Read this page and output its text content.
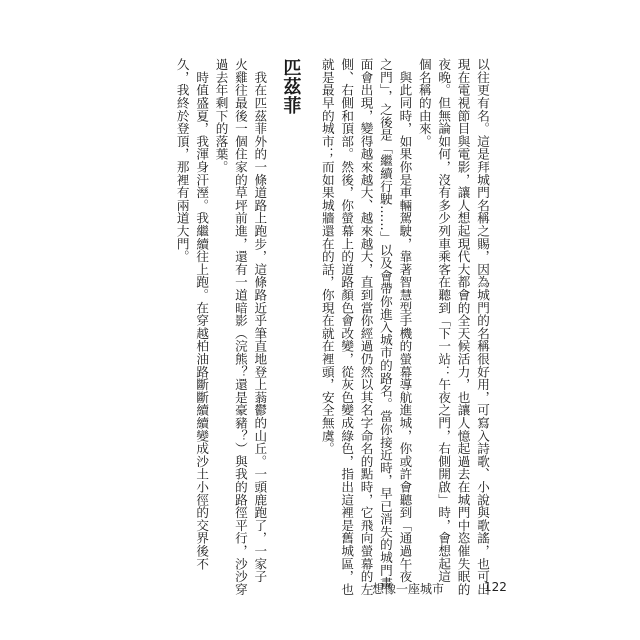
以往更有名。這是拜城門名稱之賜，因為城門的名稱很好用，可寫入詩歌、小說與歌謠，也可出
現在電視節目與電影，讓人想起現代大都會的全天候活力，也讓人憶起過去在城門中恣催失眠的
夜晚。但無論如何，沒有多少列車乘客在聽到「下一站：午夜之門，右側開啟」時，會想起這
個名稱的由來。
　與此同時，如果你是車輛駕駛，靠著智慧型手機的螢幕導航進城，你或許會聽到「通過午夜
之門」，之後是「繼續行駛……」以及會帶你進入城市的路名。當你接近時，早已消失的城門畫
面會出現，變得越來越大、越來越大，直到當你經過仍然以其名字命名的點時，它飛向螢幕的左
側、右側和頂部。然後，你螢幕上的道路顏色會改變，從灰色變成綠色，指出這裡是舊城區，也
就是最早的城市；而如果城牆還在的話，你現在就在裡頭，安全無虞。
匹茲菲
　我在匹茲菲外的一條道路上跑步，這條路近乎筆直地登上蓊鬱的山丘。一頭鹿跑了，一家子
火雞往最後一個住家的草坪前進，還有一道暗影（浣熊？還是豪豬？）與我的路徑平行，沙沙穿
過去年剩下的落葉。
　時值盛夏，我渾身汗溼。我繼續往上跑。在穿越柏油路斷斷續續變成沙土小徑的交界後不
久，我終於登頂，那裡有兩道大門。
想像一座城市	122
